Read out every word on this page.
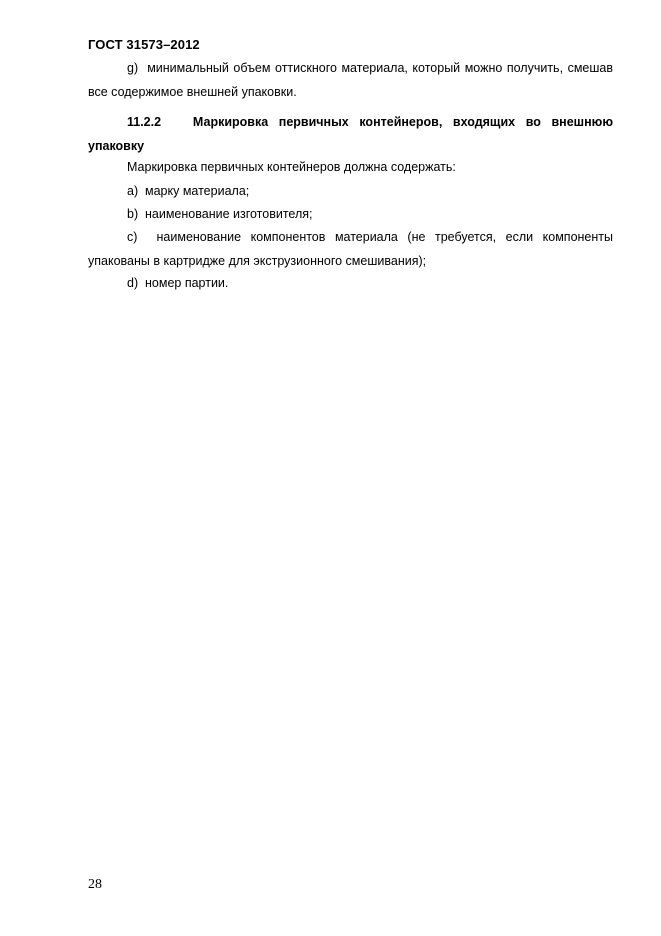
ГОСТ 31573–2012

g) минимальный объем оттискного материала, который можно получить, смешав все содержимое внешней упаковки.

11.2.2	Маркировка первичных контейнеров, входящих во внешнюю упаковку

Маркировка первичных контейнеров должна содержать:
a) марку материала;
b) наименование изготовителя;

c) наименование компонентов материала (не требуется, если компоненты упакованы в картридже для экструзионного смешивания);

d) номер партии.
28
